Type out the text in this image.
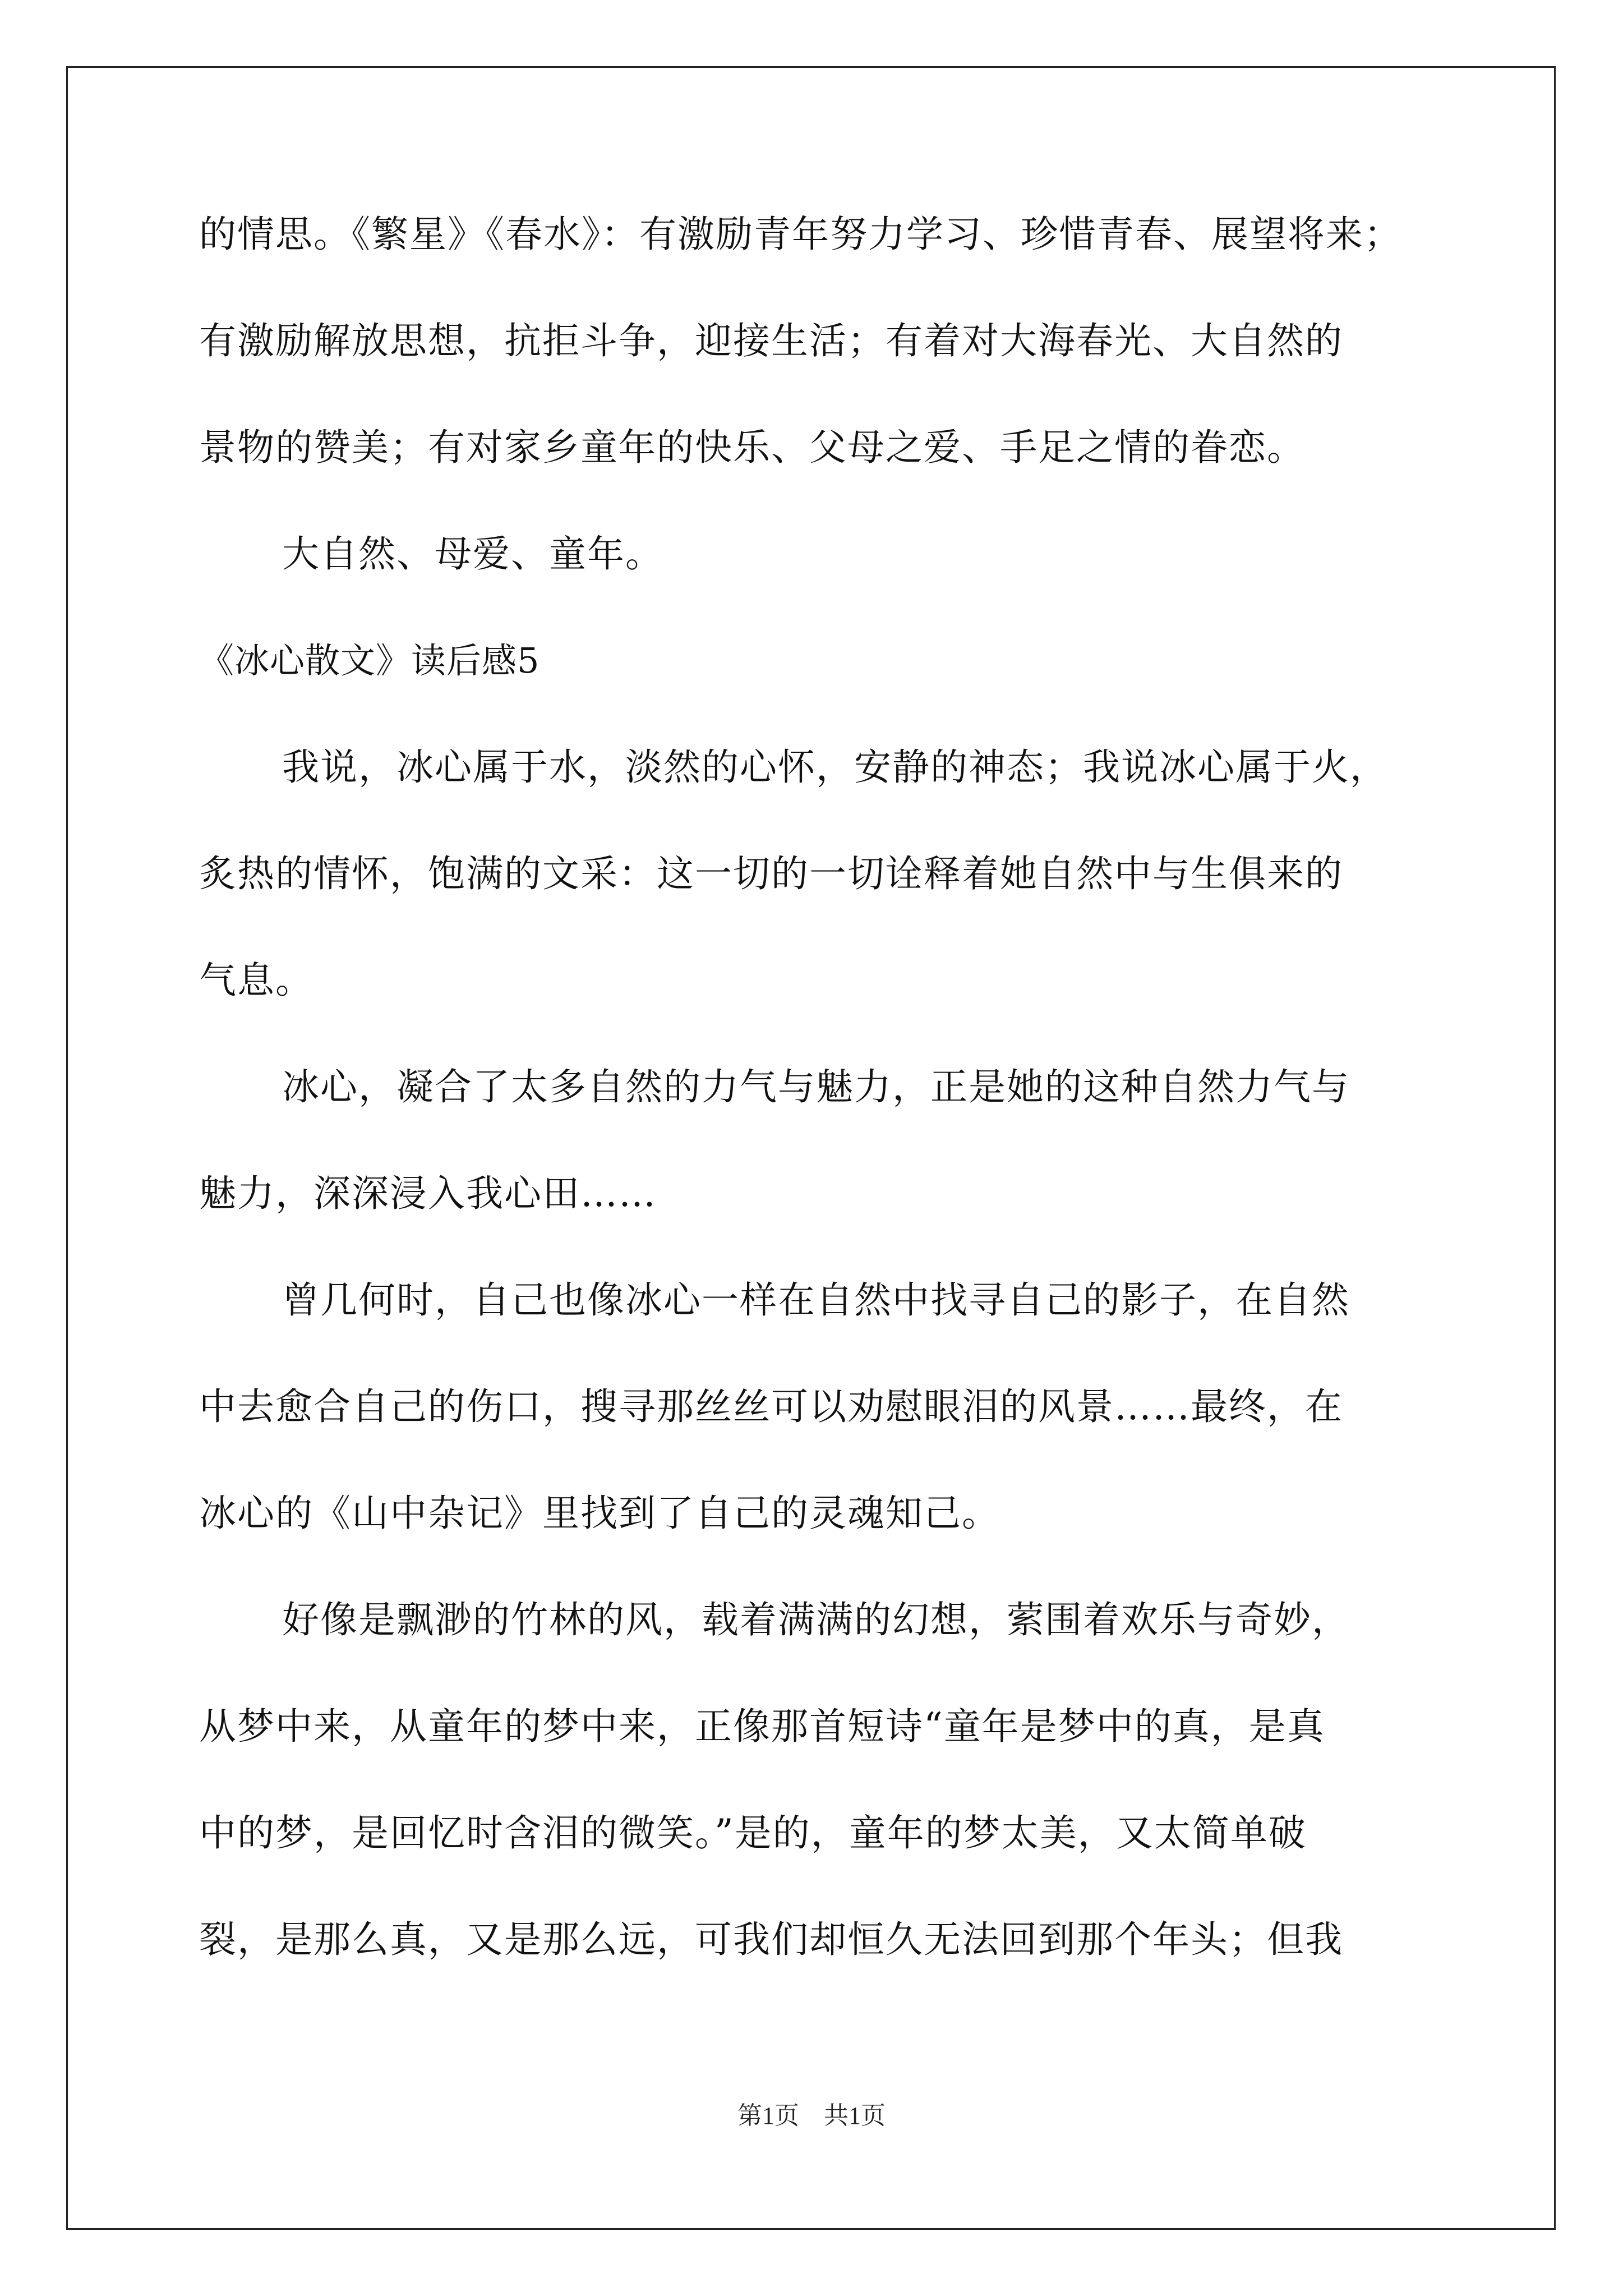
的情思。《繁星》《春水》：有激励青年努力学习、珍惜青春、展望将来；

有激励解放思想，抗拒斗争，迎接生活；有着对大海春光、大自然的

景物的赞美；有对家乡童年的快乐、父母之爱、手足之情的眷恋。

大自然、母爱、童年。

《冰心散文》读后感5

我说，冰心属于水，淡然的心怀，安静的神态；我说冰心属于火，

炙热的情怀，饱满的文采：这一切的一切诠释着她自然中与生俱来的

气息。

冰心，凝合了太多自然的力气与魅力，正是她的这种自然力气与

魅力，深深浸入我心田……

曾几何时，自己也像冰心一样在自然中找寻自己的影子，在自然

中去愈合自己的伤口，搜寻那丝丝可以劝慰眼泪的风景……最终，在

冰心的《山中杂记》里找到了自己的灵魂知己。

好像是飘渺的竹林的风，载着满满的幻想，萦围着欢乐与奇妙，

从梦中来，从童年的梦中来，正像那首短诗“童年是梦中的真，是真

中的梦，是回忆时含泪的微笑。”是的，童年的梦太美，又太简单破

裂，是那么真，又是那么远，可我们却恒久无法回到那个年头；但我

第1页　共1页
